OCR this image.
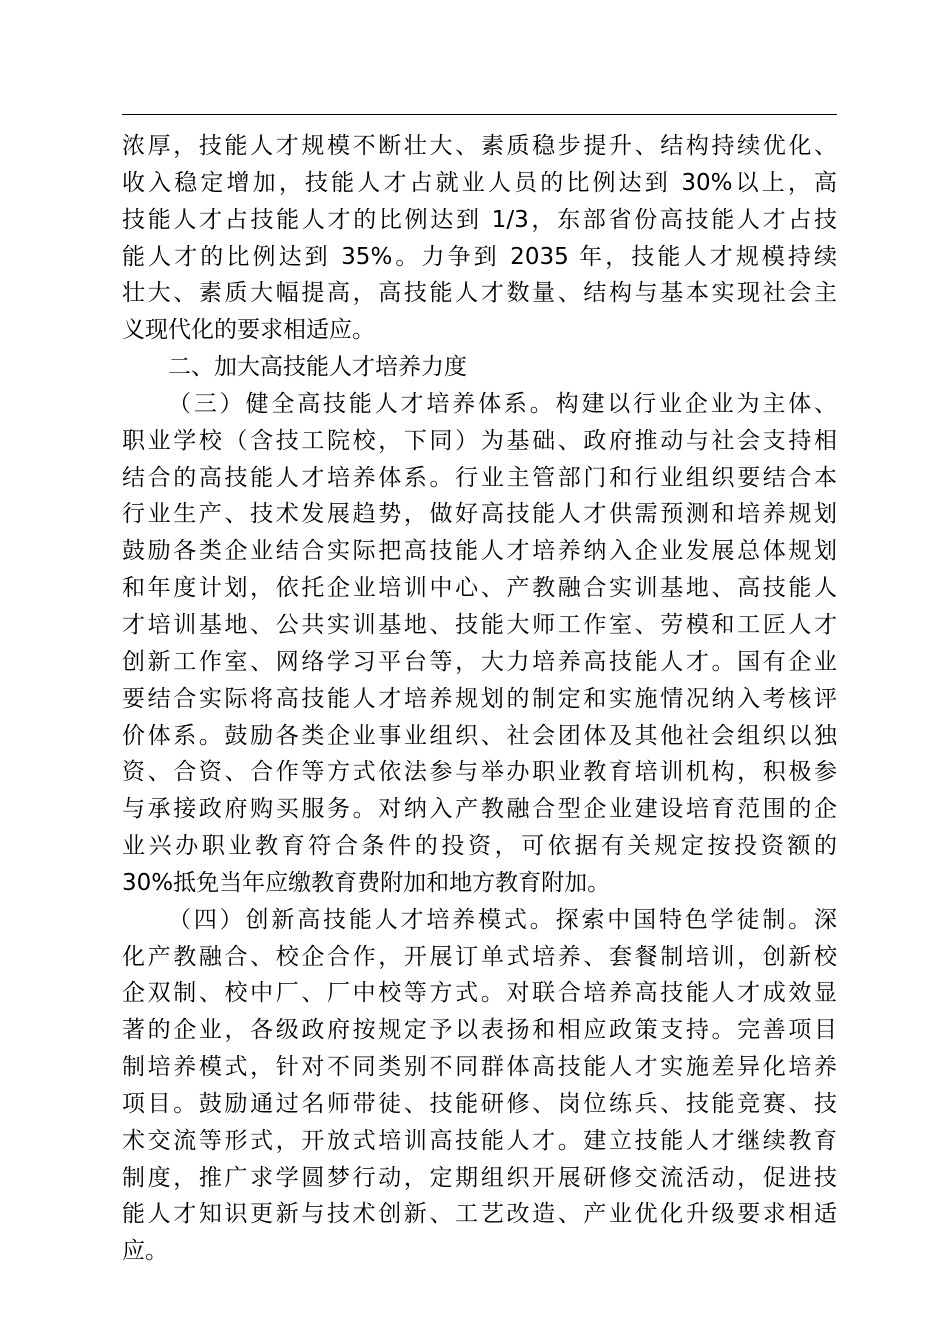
浓厚，技能人才规模不断壮大、素质稳步提升、结构持续优化、
收入稳定增加，技能人才占就业人员的比例达到 30%以上，高
技能人才占技能人才的比例达到 1/3，东部省份高技能人才占技
能人才的比例达到 35%。力争到 2035 年，技能人才规模持续
壮大、素质大幅提高，高技能人才数量、结构与基本实现社会主
义现代化的要求相适应。
二、加大高技能人才培养力度
（三）健全高技能人才培养体系。构建以行业企业为主体、
职业学校（含技工院校，下同）为基础、政府推动与社会支持相
结合的高技能人才培养体系。行业主管部门和行业组织要结合本
行业生产、技术发展趋势，做好高技能人才供需预测和培养规划
鼓励各类企业结合实际把高技能人才培养纳入企业发展总体规划
和年度计划，依托企业培训中心、产教融合实训基地、高技能人
才培训基地、公共实训基地、技能大师工作室、劳模和工匠人才
创新工作室、网络学习平台等，大力培养高技能人才。国有企业
要结合实际将高技能人才培养规划的制定和实施情况纳入考核评
价体系。鼓励各类企业事业组织、社会团体及其他社会组织以独
资、合资、合作等方式依法参与举办职业教育培训机构，积极参
与承接政府购买服务。对纳入产教融合型企业建设培育范围的企
业兴办职业教育符合条件的投资，可依据有关规定按投资额的
30%抵免当年应缴教育费附加和地方教育附加。
（四）创新高技能人才培养模式。探索中国特色学徒制。深
化产教融合、校企合作，开展订单式培养、套餐制培训，创新校
企双制、校中厂、厂中校等方式。对联合培养高技能人才成效显
著的企业，各级政府按规定予以表扬和相应政策支持。完善项目
制培养模式，针对不同类别不同群体高技能人才实施差异化培养
项目。鼓励通过名师带徒、技能研修、岗位练兵、技能竞赛、技
术交流等形式，开放式培训高技能人才。建立技能人才继续教育
制度，推广求学圆梦行动，定期组织开展研修交流活动，促进技
能人才知识更新与技术创新、工艺改造、产业优化升级要求相适
应。
